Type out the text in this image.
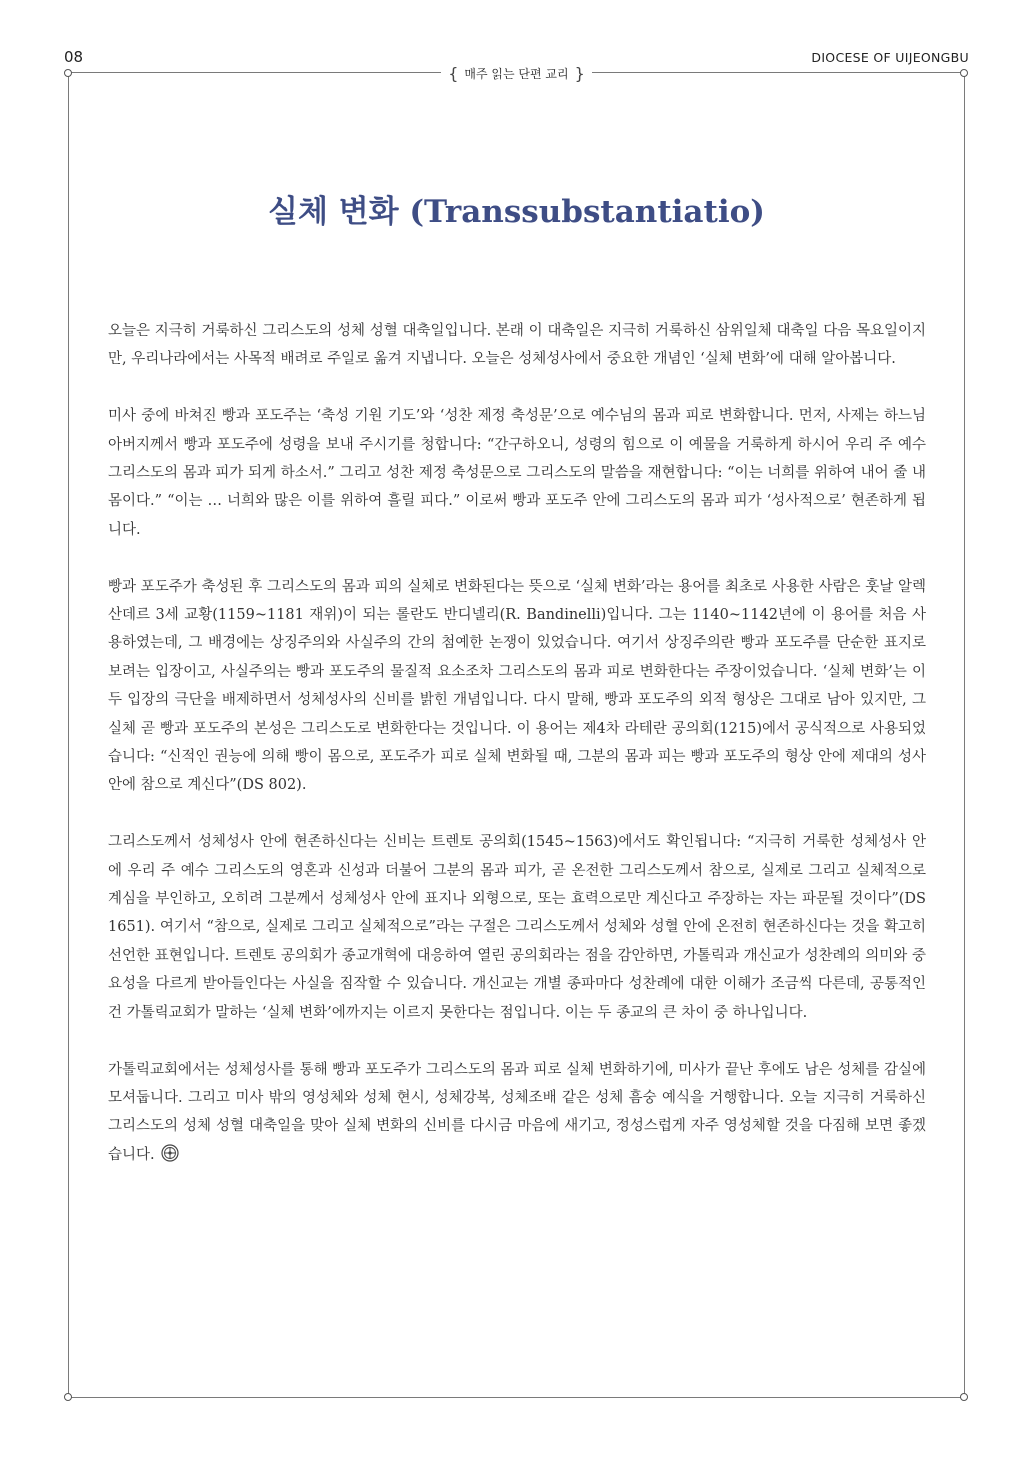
08	DIOCESE OF UIJEONGBU
{ 매주 읽는 단편 교리 }
실체 변화 (Transsubstantiatio)

오늘은 지극히 거룩하신 그리스도의 성체 성혈 대축일입니다. 본래 이 대축일은 지극히 거룩하신 삼위일체 대축일 다음 목요일이지만, 우리나라에서는 사목적 배려로 주일로 옮겨 지냅니다. 오늘은 성체성사에서 중요한 개념인 ‘실체 변화’에 대해 알아봅니다.

미사 중에 바쳐진 빵과 포도주는 ‘축성 기원 기도’와 ‘성찬 제정 축성문’으로 예수님의 몸과 피로 변화합니다. 먼저, 사제는 하느님 아버지께서 빵과 포도주에 성령을 보내 주시기를 청합니다: “간구하오니, 성령의 힘으로 이 예물을 거룩하게 하시어 우리 주 예수 그리스도의 몸과 피가 되게 하소서.” 그리고 성찬 제정 축성문으로 그리스도의 말씀을 재현합니다: “이는 너희를 위하여 내어 줄 내 몸이다.” “이는 … 너희와 많은 이를 위하여 흘릴 피다.” 이로써 빵과 포도주 안에 그리스도의 몸과 피가 ‘성사적으로’ 현존하게 됩니다.

빵과 포도주가 축성된 후 그리스도의 몸과 피의 실체로 변화된다는 뜻으로 ‘실체 변화’라는 용어를 최초로 사용한 사람은 훗날 알렉산데르 3세 교황(1159~1181 재위)이 되는 롤란도 반디넬리(R. Bandinelli)입니다. 그는 1140~1142년에 이 용어를 처음 사용하였는데, 그 배경에는 상징주의와 사실주의 간의 첨예한 논쟁이 있었습니다. 여기서 상징주의란 빵과 포도주를 단순한 표지로 보려는 입장이고, 사실주의는 빵과 포도주의 물질적 요소조차 그리스도의 몸과 피로 변화한다는 주장이었습니다. ‘실체 변화’는 이 두 입장의 극단을 배제하면서 성체성사의 신비를 밝힌 개념입니다. 다시 말해, 빵과 포도주의 외적 형상은 그대로 남아 있지만, 그 실체 곧 빵과 포도주의 본성은 그리스도로 변화한다는 것입니다. 이 용어는 제4차 라테란 공의회(1215)에서 공식적으로 사용되었습니다: “신적인 권능에 의해 빵이 몸으로, 포도주가 피로 실체 변화될 때, 그분의 몸과 피는 빵과 포도주의 형상 안에 제대의 성사 안에 참으로 계신다”(DS 802).

그리스도께서 성체성사 안에 현존하신다는 신비는 트렌토 공의회(1545~1563)에서도 확인됩니다: “지극히 거룩한 성체성사 안에 우리 주 예수 그리스도의 영혼과 신성과 더불어 그분의 몸과 피가, 곧 온전한 그리스도께서 참으로, 실제로 그리고 실체적으로 계심을 부인하고, 오히려 그분께서 성체성사 안에 표지나 외형으로, 또는 효력으로만 계신다고 주장하는 자는 파문될 것이다”(DS 1651). 여기서 “참으로, 실제로 그리고 실체적으로”라는 구절은 그리스도께서 성체와 성혈 안에 온전히 현존하신다는 것을 확고히 선언한 표현입니다. 트렌토 공의회가 종교개혁에 대응하여 열린 공의회라는 점을 감안하면, 가톨릭과 개신교가 성찬례의 의미와 중요성을 다르게 받아들인다는 사실을 짐작할 수 있습니다. 개신교는 개별 종파마다 성찬례에 대한 이해가 조금씩 다른데, 공통적인 건 가톨릭교회가 말하는 ‘실체 변화’에까지는 이르지 못한다는 점입니다. 이는 두 종교의 큰 차이 중 하나입니다.

가톨릭교회에서는 성체성사를 통해 빵과 포도주가 그리스도의 몸과 피로 실체 변화하기에, 미사가 끝난 후에도 남은 성체를 감실에 모셔둡니다. 그리고 미사 밖의 영성체와 성체 현시, 성체강복, 성체조배 같은 성체 흠숭 예식을 거행합니다. 오늘 지극히 거룩하신 그리스도의 성체 성혈 대축일을 맞아 실체 변화의 신비를 다시금 마음에 새기고, 정성스럽게 자주 영성체할 것을 다짐해 보면 좋겠습니다.
